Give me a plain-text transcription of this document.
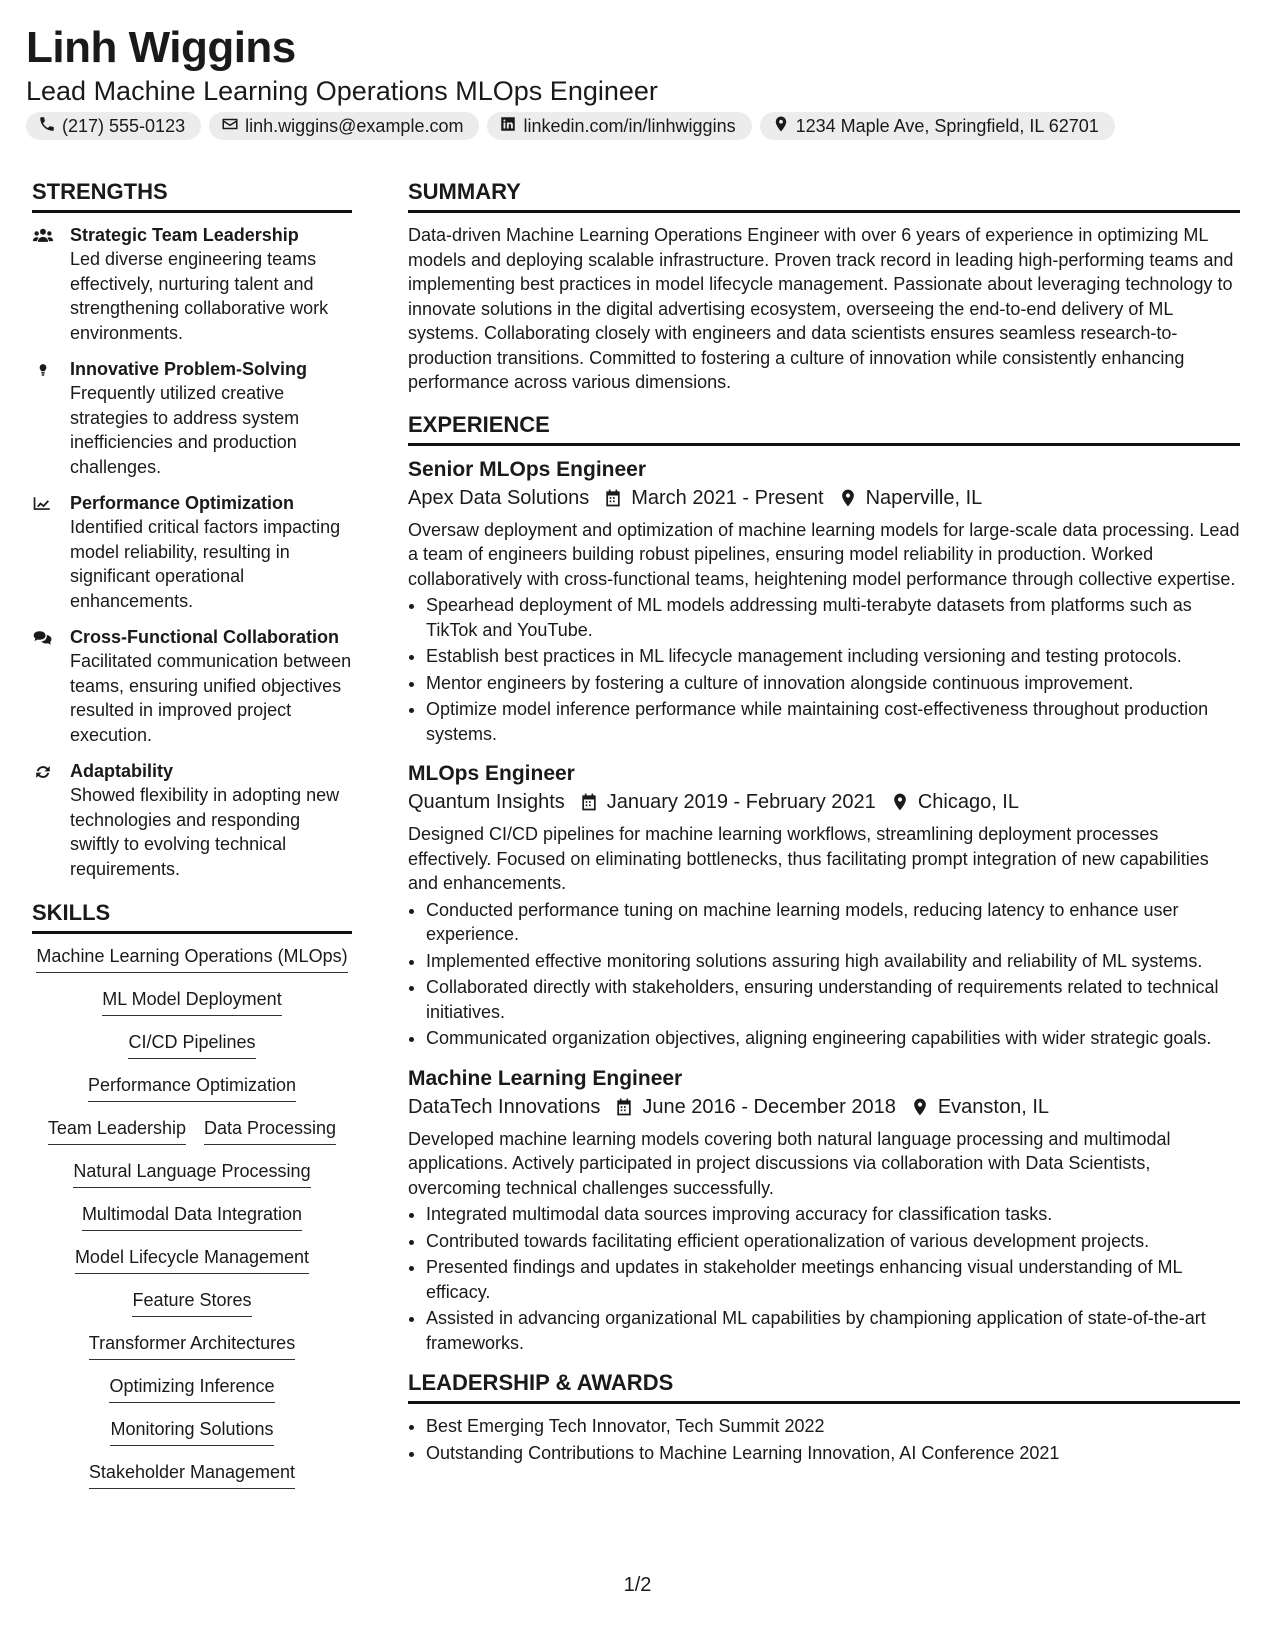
Linh Wiggins

Lead Machine Learning Operations MLOps Engineer

(217) 555-0123	linh.wiggins@example.com	linkedin.com/in/linhwiggins	1234 Maple Ave, Springfield, IL 62701
STRENGTHS
Strategic Team Leadership
Led diverse engineering teams effectively, nurturing talent and strengthening collaborative work environments.
Innovative Problem-Solving
Frequently utilized creative strategies to address system inefficiencies and production challenges.
Performance Optimization
Identified critical factors impacting model reliability, resulting in significant operational enhancements.
Cross-Functional Collaboration
Facilitated communication between teams, ensuring unified objectives resulted in improved project execution.
Adaptability
Showed flexibility in adopting new technologies and responding swiftly to evolving technical requirements.
SKILLS
Machine Learning Operations (MLOps)
ML Model Deployment
CI/CD Pipelines
Performance Optimization
Team Leadership Data Processing
Natural Language Processing
Multimodal Data Integration
Model Lifecycle Management
Feature Stores
Transformer Architectures
Optimizing Inference
Monitoring Solutions
Stakeholder Management
SUMMARY

Data-driven Machine Learning Operations Engineer with over 6 years of experience in optimizing ML models and deploying scalable infrastructure. Proven track record in leading high-performing teams and implementing best practices in model lifecycle management. Passionate about leveraging technology to innovate solutions in the digital advertising ecosystem, overseeing the end-to-end delivery of ML systems. Collaborating closely with engineers and data scientists ensures seamless research-to-production transitions. Committed to fostering a culture of innovation while consistently enhancing performance across various dimensions.

EXPERIENCE
Senior MLOps Engineer
Apex Data Solutions March 2021 - Present Naperville, IL
Oversaw deployment and optimization of machine learning models for large-scale data processing. Lead a team of engineers building robust pipelines, ensuring model reliability in production. Worked collaboratively with cross-functional teams, heightening model performance through collective expertise.
• Spearhead deployment of ML models addressing multi-terabyte datasets from platforms such as TikTok and YouTube.
• Establish best practices in ML lifecycle management including versioning and testing protocols.
• Mentor engineers by fostering a culture of innovation alongside continuous improvement.
• Optimize model inference performance while maintaining cost-effectiveness throughout production systems.
MLOps Engineer
Quantum Insights January 2019 - February 2021 Chicago, IL
Designed CI/CD pipelines for machine learning workflows, streamlining deployment processes effectively. Focused on eliminating bottlenecks, thus facilitating prompt integration of new capabilities and enhancements.
• Conducted performance tuning on machine learning models, reducing latency to enhance user experience.
• Implemented effective monitoring solutions assuring high availability and reliability of ML systems.
• Collaborated directly with stakeholders, ensuring understanding of requirements related to technical initiatives.
• Communicated organization objectives, aligning engineering capabilities with wider strategic goals.
Machine Learning Engineer
DataTech Innovations June 2016 - December 2018 Evanston, IL
Developed machine learning models covering both natural language processing and multimodal applications. Actively participated in project discussions via collaboration with Data Scientists, overcoming technical challenges successfully.
• Integrated multimodal data sources improving accuracy for classification tasks.
• Contributed towards facilitating efficient operationalization of various development projects.
• Presented findings and updates in stakeholder meetings enhancing visual understanding of ML efficacy.
• Assisted in advancing organizational ML capabilities by championing application of state-of-the-art frameworks.
LEADERSHIP & AWARDS
• Best Emerging Tech Innovator, Tech Summit 2022
• Outstanding Contributions to Machine Learning Innovation, AI Conference 2021
1/2
